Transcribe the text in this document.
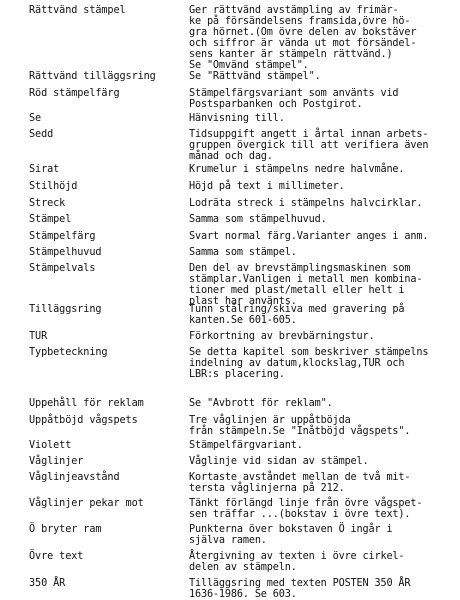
Rättvänd stämpel	Ger rättvänd avstämpling av frimär-
ke på försändelsens framsida,övre hö-
gra hörnet.(Om övre delen av bokstäver
och siffror är vända ut mot försändel-
sens kanter är stämpeln rättvänd.)
Se "Omvänd stämpel".
Rättvänd tilläggsring	Se "Rättvänd stämpel".
Röd stämpelfärg	Stämpelfärgsvariant som använts vid
Postsparbanken och Postgirot.
Se	Hänvisning till.
Sedd	Tidsuppgift angett i årtal innan arbets-
gruppen övergick till att verifiera även
månad och dag.
Sirat	Krumelur i stämpelns nedre halvmåne.
Stilhöjd	Höjd på text i millimeter.
Streck	Lodräta streck i stämpelns halvcirklar.
Stämpel	Samma som stämpelhuvud.
Stämpelfärg	Svart normal färg.Varianter anges i anm.
Stämpelhuvud	Samma som stämpel.
Stämpelvals	Den del av brevstämplingsmaskinen som
stämplar.Vanligen i metall men kombina-
tioner med plast/metall eller helt i
plast har använts.
Tilläggsring	Tunn stålring/skiva med gravering på
kanten.Se 601-605.
TUR	Förkortning av brevbärningstur.
Typbeteckning	Se detta kapitel som beskriver stämpelns
indelning av datum,klockslag,TUR och
LBR:s placering.
Uppehåll för reklam	Se "Avbrott för reklam".
Uppåtböjd vågspets	Tre våglinjen är uppåtböjda
från stämpeln.Se "Inåtböjd vågspets".
Violett	Stämpelfärgvariant.
Våglinjer	Våglinje vid sidan av stämpel.
Våglinjeavstånd	Kortaste avståndet mellan de två mit-
tersta våglinjerna på 212.
Våglinjer pekar mot	Tänkt förlängd linje från övre vågspet-
sen träffar ...(bokstav i övre text).
Ö bryter ram	Punkterna över bokstaven Ö ingår i
själva ramen.
Övre text	Återgivning av texten i övre cirkel-
delen av stämpeln.
350 ÅR	Tilläggsring med texten POSTEN 350 ÅR
1636-1986. Se 603.
